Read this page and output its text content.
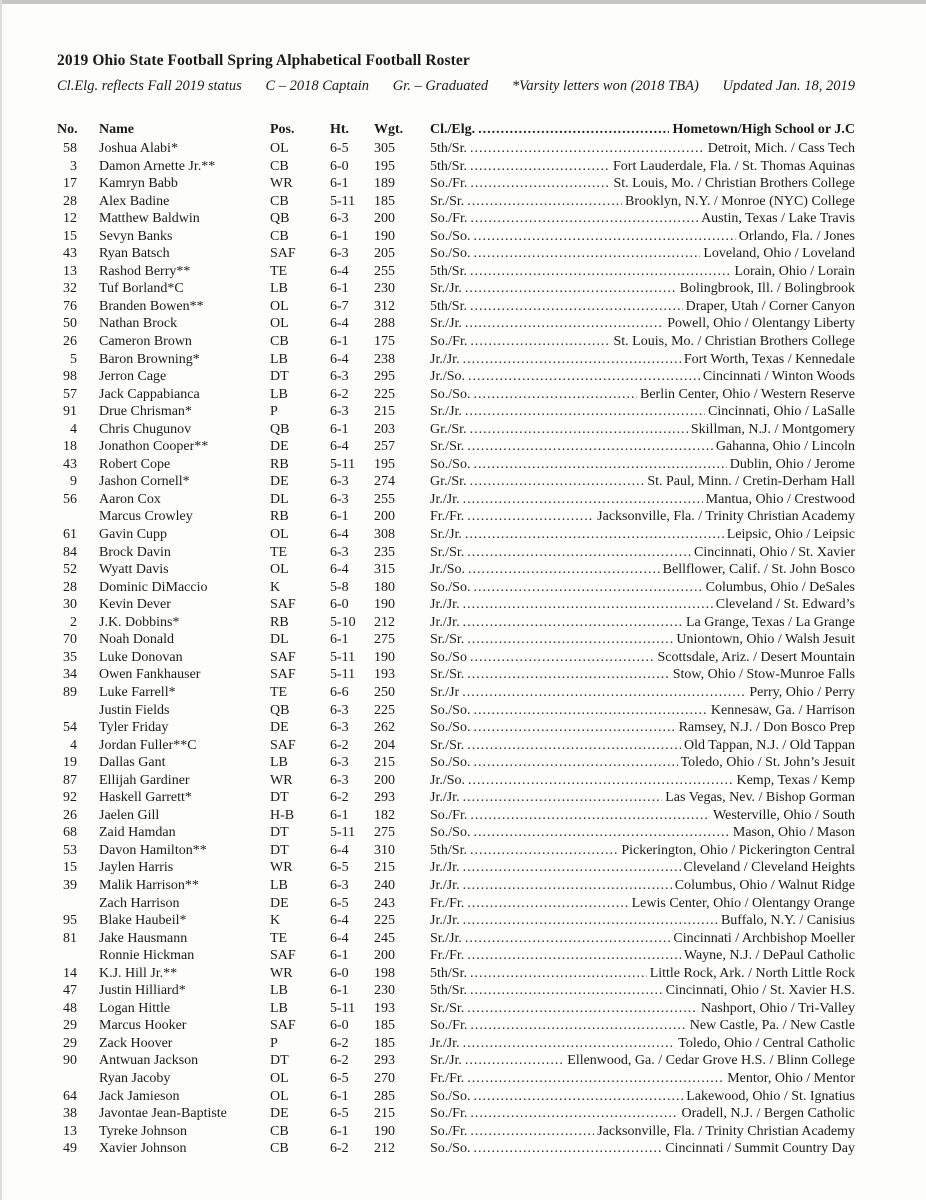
2019 Ohio State Football Spring Alphabetical Football Roster
Cl.Elg. reflects Fall 2019 status C – 2018 Captain Gr. – Graduated *Varsity letters won (2018 TBA) Updated Jan. 18, 2019
No. Name	Pos.	Ht.	Wgt.	Cl./Elg. .....	Hometown/High School or J.C
58 Joshua Alabi*	OL	6-5	305	5th/Sr. .....	Detroit, Mich. / Cass Tech
3 Damon Arnette Jr.**	CB	6-0	195	5th/Sr. .....	Fort Lauderdale, Fla. / St. Thomas Aquinas
17 Kamryn Babb	WR	6-1	189	So./Fr. .....	St. Louis, Mo. / Christian Brothers College
28 Alex Badine	CB	5-11	185	Sr./Sr. .....	Brooklyn, N.Y. / Monroe (NYC) College
12 Matthew Baldwin	QB	6-3	200	So./Fr. .....	Austin, Texas / Lake Travis
15 Sevyn Banks	CB	6-1	190	So./So. .....	Orlando, Fla. / Jones
43 Ryan Batsch	SAF	6-3	205	So./So. .....	Loveland, Ohio / Loveland
13 Rashod Berry**	TE	6-4	255	5th/Sr. .....	Lorain, Ohio / Lorain
32 Tuf Borland*C	LB	6-1	230	Sr./Jr. .....	Bolingbrook, Ill. / Bolingbrook
76 Branden Bowen**	OL	6-7	312	5th/Sr. .....	Draper, Utah / Corner Canyon
50 Nathan Brock	OL	6-4	288	Sr./Jr. .....	Powell, Ohio / Olentangy Liberty
26 Cameron Brown	CB	6-1	175	So./Fr. .....	St. Louis, Mo. / Christian Brothers College
5 Baron Browning*	LB	6-4	238	Jr./Jr. .....	Fort Worth, Texas / Kennedale
98 Jerron Cage	DT	6-3	295	Jr./So. .....	Cincinnati / Winton Woods
57 Jack Cappabianca	LB	6-2	225	So./So. .....	Berlin Center, Ohio / Western Reserve
91 Drue Chrisman*	P	6-3	215	Sr./Jr. .....	Cincinnati, Ohio / LaSalle
4 Chris Chugunov	QB	6-1	203	Gr./Sr. .....	Skillman, N.J. / Montgomery
18 Jonathon Cooper**	DE	6-4	257	Sr./Sr. .....	Gahanna, Ohio / Lincoln
43 Robert Cope	RB	5-11	195	So./So. .....	Dublin, Ohio / Jerome
9 Jashon Cornell*	DE	6-3	274	Gr./Sr. .....	St. Paul, Minn. / Cretin-Derham Hall
56 Aaron Cox	DL	6-3	255	Jr./Jr. .....	Mantua, Ohio / Crestwood
Marcus Crowley	RB	6-1	200	Fr./Fr. .....	Jacksonville, Fla. / Trinity Christian Academy
61 Gavin Cupp	OL	6-4	308	Sr./Jr. .....	Leipsic, Ohio / Leipsic
84 Brock Davin	TE	6-3	235	Sr./Sr. .....	Cincinnati, Ohio / St. Xavier
52 Wyatt Davis	OL	6-4	315	Jr./So. .....	Bellflower, Calif. / St. John Bosco
28 Dominic DiMaccio	K	5-8	180	So./So. .....	Columbus, Ohio / DeSales
30 Kevin Dever	SAF	6-0	190	Jr./Jr. .....	Cleveland / St. Edward’s
2 J.K. Dobbins*	RB	5-10	212	Jr./Jr. .....	La Grange, Texas / La Grange
70 Noah Donald	DL	6-1	275	Sr./Sr. .....	Uniontown, Ohio / Walsh Jesuit
35 Luke Donovan	SAF	5-11	190	So./So .....	Scottsdale, Ariz. / Desert Mountain
34 Owen Fankhauser	SAF	5-11	193	Sr./Sr. .....	Stow, Ohio / Stow-Munroe Falls
89 Luke Farrell*	TE	6-6	250	Sr./Jr .....	Perry, Ohio / Perry
Justin Fields	QB	6-3	225	So./So. .....	Kennesaw, Ga. / Harrison
54 Tyler Friday	DE	6-3	262	So./So. .....	Ramsey, N.J. / Don Bosco Prep
4 Jordan Fuller**C	SAF	6-2	204	Sr./Sr. .....	Old Tappan, N.J. / Old Tappan
19 Dallas Gant	LB	6-3	215	So./So. .....	Toledo, Ohio / St. John’s Jesuit
87 Ellijah Gardiner	WR	6-3	200	Jr./So. .....	Kemp, Texas / Kemp
92 Haskell Garrett*	DT	6-2	293	Jr./Jr. .....	Las Vegas, Nev. / Bishop Gorman
26 Jaelen Gill	H-B	6-1	182	So./Fr. .....	Westerville, Ohio / South
68 Zaid Hamdan	DT	5-11	275	So./So. .....	Mason, Ohio / Mason
53 Davon Hamilton**	DT	6-4	310	5th/Sr. .....	Pickerington, Ohio / Pickerington Central
15 Jaylen Harris	WR	6-5	215	Jr./Jr. .....	Cleveland / Cleveland Heights
39 Malik Harrison**	LB	6-3	240	Jr./Jr. .....	Columbus, Ohio / Walnut Ridge
Zach Harrison	DE	6-5	243	Fr./Fr. .....	Lewis Center, Ohio / Olentangy Orange
95 Blake Haubeil*	K	6-4	225	Jr./Jr. .....	Buffalo, N.Y. / Canisius
81 Jake Hausmann	TE	6-4	245	Sr./Jr. .....	Cincinnati / Archbishop Moeller
Ronnie Hickman	SAF	6-1	200	Fr./Fr. .....	Wayne, N.J. / DePaul Catholic
14 K.J. Hill Jr.**	WR	6-0	198	5th/Sr. .....	Little Rock, Ark. / North Little Rock
47 Justin Hilliard*	LB	6-1	230	5th/Sr. .....	Cincinnati, Ohio / St. Xavier H.S.
48 Logan Hittle	LB	5-11	193	Sr./Sr. .....	Nashport, Ohio / Tri-Valley
29 Marcus Hooker	SAF	6-0	185	So./Fr. .....	New Castle, Pa. / New Castle
29 Zack Hoover	P	6-2	185	Jr./Jr. .....	Toledo, Ohio / Central Catholic
90 Antwuan Jackson	DT	6-2	293	Sr./Jr. .....	Ellenwood, Ga. / Cedar Grove H.S. / Blinn College
Ryan Jacoby	OL	6-5	270	Fr./Fr. .....	Mentor, Ohio / Mentor
64 Jack Jamieson	OL	6-1	285	So./So. .....	Lakewood, Ohio / St. Ignatius
38 Javontae Jean-Baptiste	DE	6-5	215	So./Fr. .....	Oradell, N.J. / Bergen Catholic
13 Tyreke Johnson	CB	6-1	190	So./Fr. .....	Jacksonville, Fla. / Trinity Christian Academy
49 Xavier Johnson	CB	6-2	212	So./So. .....	Cincinnati / Summit Country Day
